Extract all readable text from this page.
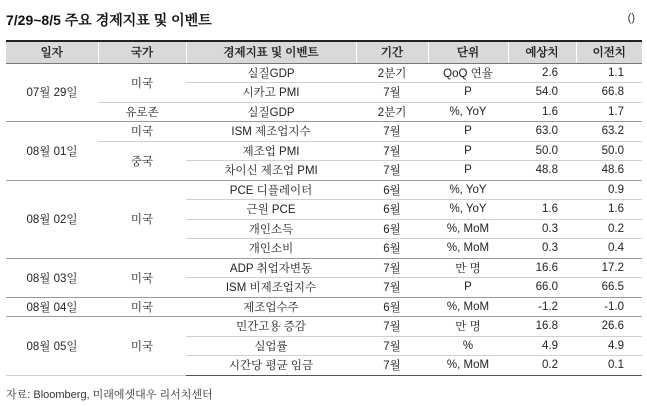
7/29~8/5 주요 경제지표 및 이벤트	()
일자	국가	경제지표 및 이벤트	기간	단위	예상치	이전치
07월 29일	미국	실질GDP	2분기	QoQ 연율	2.6	1.1
		시카고 PMI	7월	P	54.0	66.8
	유로존	실질GDP	2분기	%, YoY	1.6	1.7
08월 01일	미국	ISM 제조업지수	7월	P	63.0	63.2
	중국	제조업 PMI	7월	P	50.0	50.0
		차이신 제조업 PMI	7월	P	48.8	48.6
08월 02일	미국	PCE 디플레이터	6월	%, YoY		0.9
		근원 PCE	6월	%, YoY	1.6	1.6
		개인소득	6월	%, MoM	0.3	0.2
		개인소비	6월	%, MoM	0.3	0.4
08월 03일	미국	ADP 취업자변동	7월	만 명	16.6	17.2
		ISM 비제조업지수	7월	P	66.0	66.5
08월 04일	미국	제조업수주	6월	%, MoM	-1.2	-1.0
08월 05일	미국	민간고용 증감	7월	만 명	16.8	26.6
		실업률	7월	%	4.9	4.9
		시간당 평균 임금	7월	%, MoM	0.2	0.1
자료: Bloomberg, 미래에셋대우 리서치센터
